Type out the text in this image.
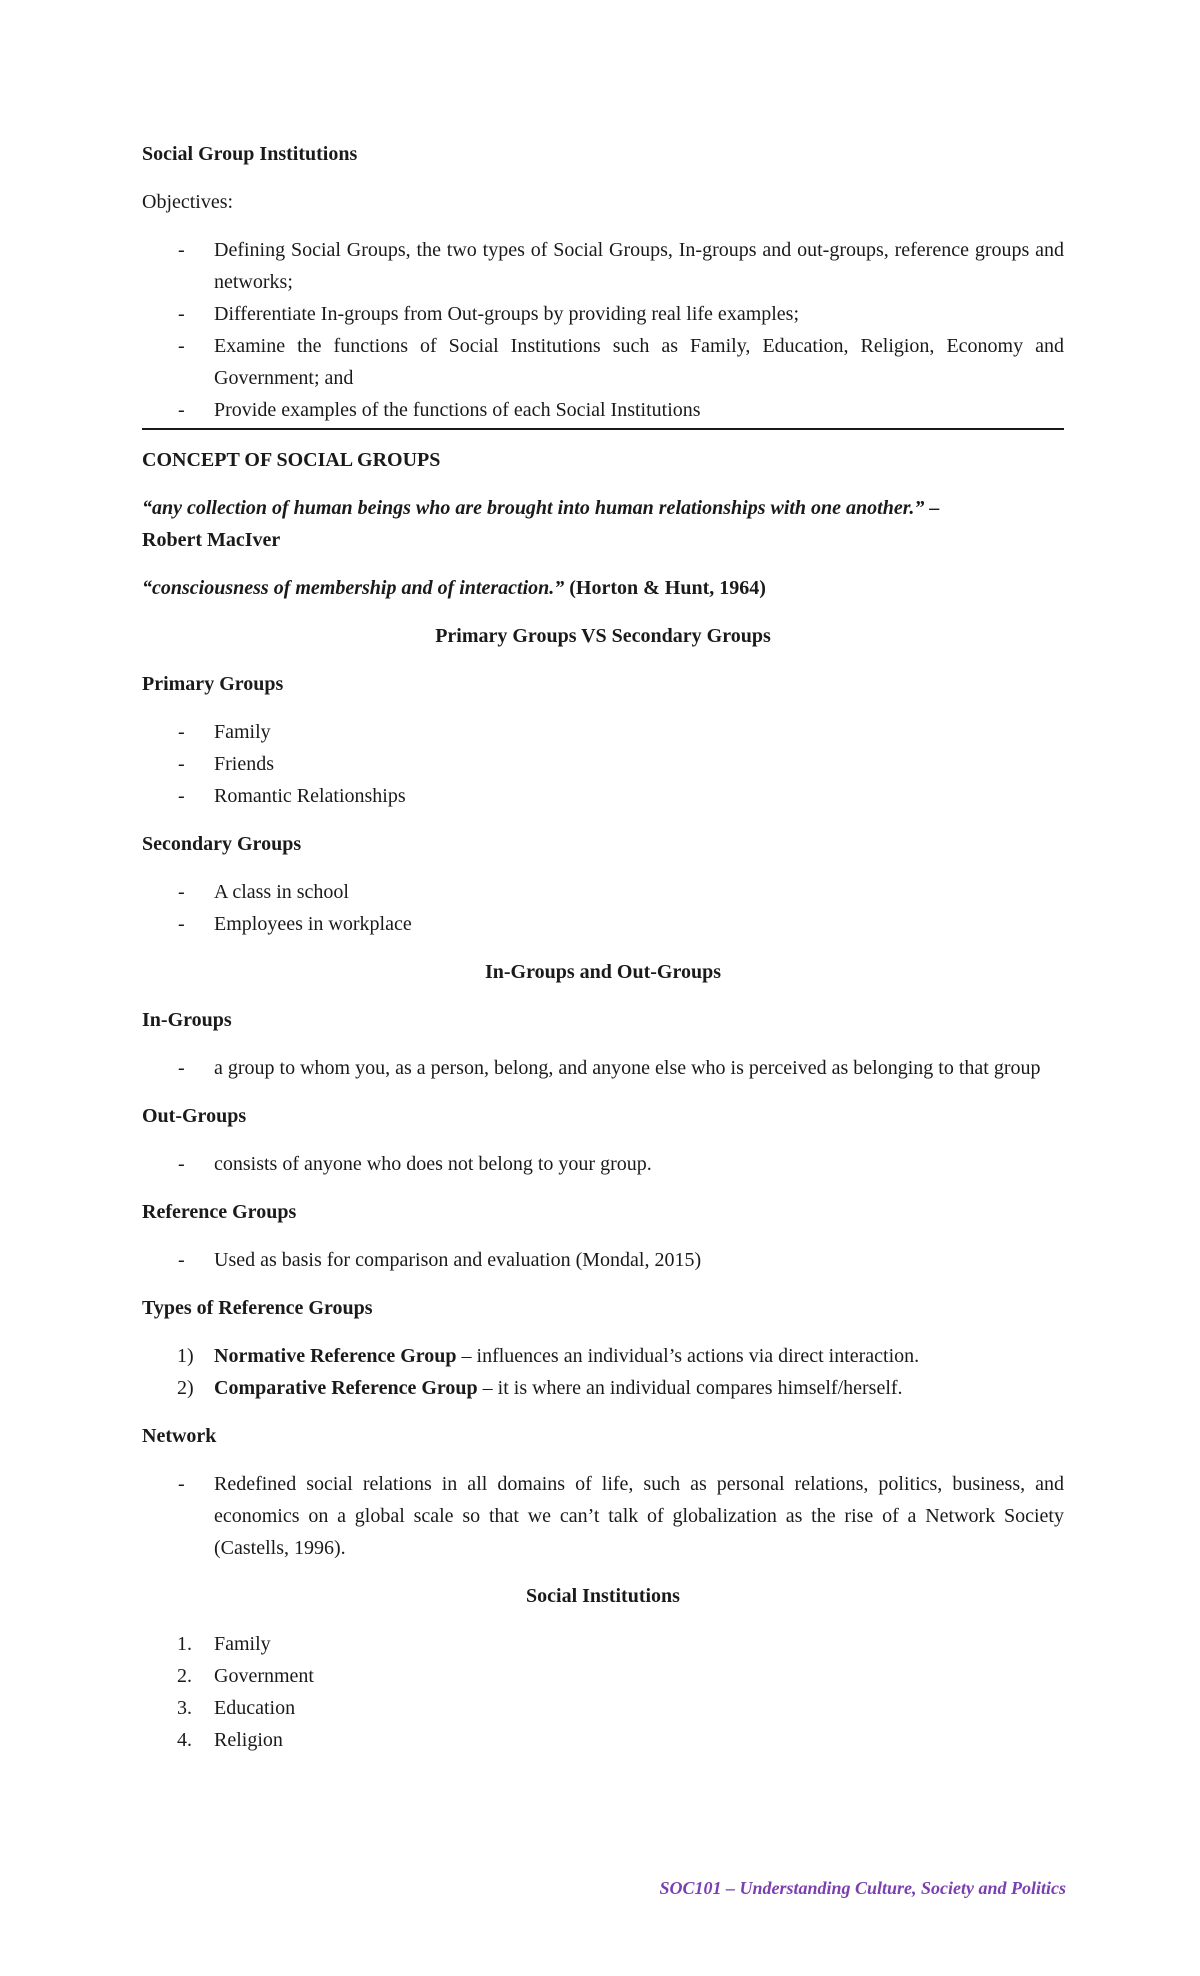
Social Group Institutions

Objectives:

- Defining Social Groups, the two types of Social Groups, In-groups and out-groups, reference groups and networks;
- Differentiate In-groups from Out-groups by providing real life examples;
- Examine the functions of Social Institutions such as Family, Education, Religion, Economy and Government; and
- Provide examples of the functions of each Social Institutions

CONCEPT OF SOCIAL GROUPS

“any collection of human beings who are brought into human relationships with one another.” –
Robert MacIver

“consciousness of membership and of interaction.” (Horton & Hunt, 1964)

Primary Groups VS Secondary Groups

Primary Groups

- Family
- Friends
- Romantic Relationships

Secondary Groups

- A class in school
- Employees in workplace

In-Groups and Out-Groups

In-Groups

- a group to whom you, as a person, belong, and anyone else who is perceived as belonging to that group

Out-Groups

- consists of anyone who does not belong to your group.

Reference Groups

- Used as basis for comparison and evaluation (Mondal, 2015)

Types of Reference Groups

1) Normative Reference Group – influences an individual’s actions via direct interaction.
2) Comparative Reference Group – it is where an individual compares himself/herself.

Network

- Redefined social relations in all domains of life, such as personal relations, politics, business, and economics on a global scale so that we can’t talk of globalization as the rise of a Network Society (Castells, 1996).

Social Institutions

1. Family
2. Government
3. Education
4. Religion
SOC101 – Understanding Culture, Society and Politics
